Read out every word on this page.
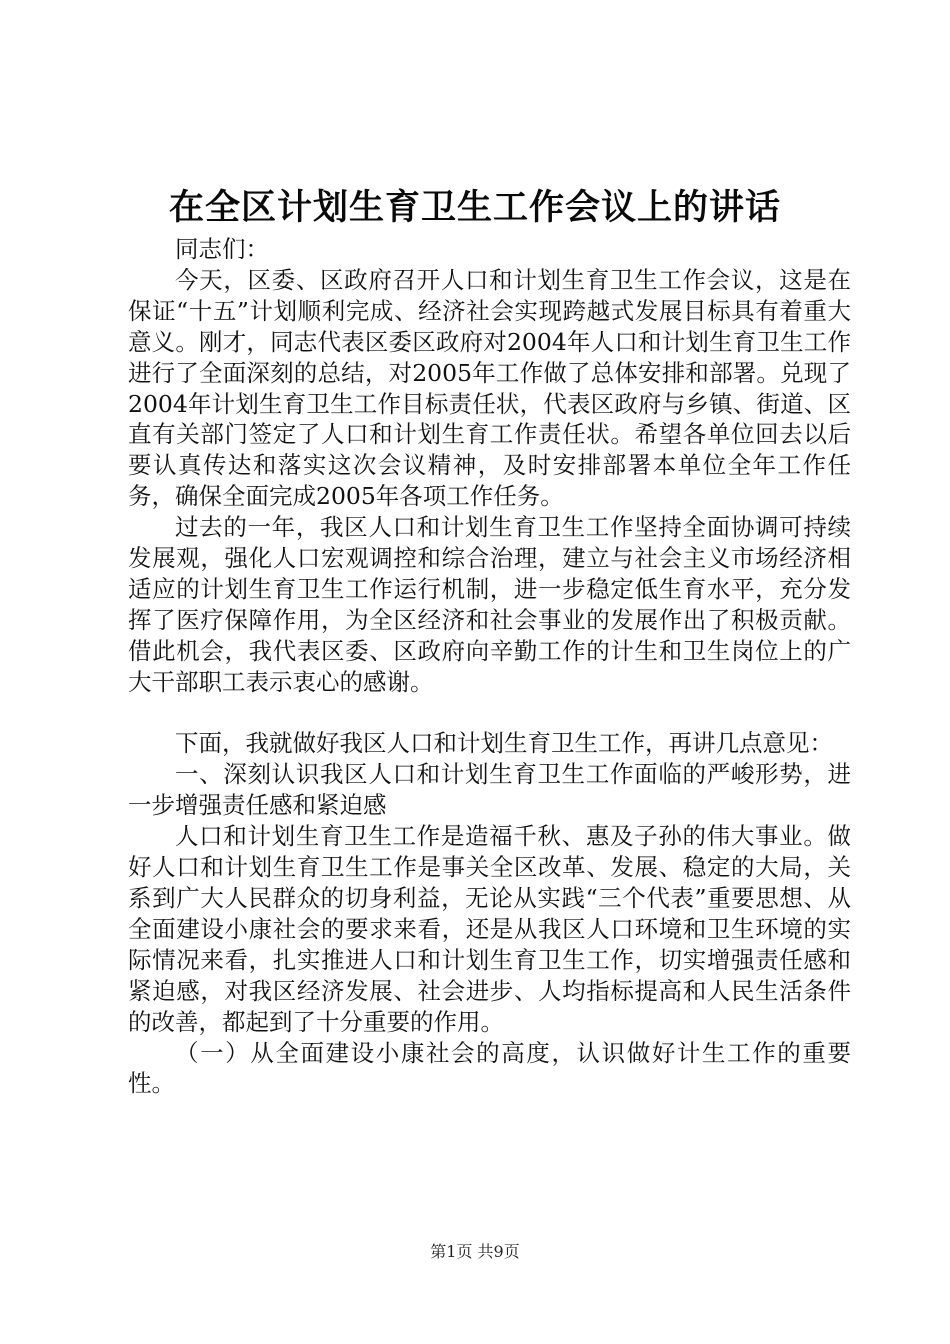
在全区计划生育卫生工作会议上的讲话

同志们：

今天，区委、区政府召开人口和计划生育卫生工作会议，这是在保证“十五”计划顺利完成、经济社会实现跨越式发展目标具有着重大意义。刚才，同志代表区委区政府对2004年人口和计划生育卫生工作进行了全面深刻的总结，对2005年工作做了总体安排和部署。兑现了2004年计划生育卫生工作目标责任状，代表区政府与乡镇、街道、区直有关部门签定了人口和计划生育工作责任状。希望各单位回去以后要认真传达和落实这次会议精神，及时安排部署本单位全年工作任务，确保全面完成2005年各项工作任务。

过去的一年，我区人口和计划生育卫生工作坚持全面协调可持续发展观，强化人口宏观调控和综合治理，建立与社会主义市场经济相适应的计划生育卫生工作运行机制，进一步稳定低生育水平，充分发挥了医疗保障作用，为全区经济和社会事业的发展作出了积极贡献。借此机会，我代表区委、区政府向辛勤工作的计生和卫生岗位上的广大干部职工表示衷心的感谢。

下面，我就做好我区人口和计划生育卫生工作，再讲几点意见：

一、深刻认识我区人口和计划生育卫生工作面临的严峻形势，进一步增强责任感和紧迫感

人口和计划生育卫生工作是造福千秋、惠及子孙的伟大事业。做好人口和计划生育卫生工作是事关全区改革、发展、稳定的大局，关系到广大人民群众的切身利益，无论从实践“三个代表”重要思想、从全面建设小康社会的要求来看，还是从我区人口环境和卫生环境的实际情况来看，扎实推进人口和计划生育卫生工作，切实增强责任感和紧迫感，对我区经济发展、社会进步、人均指标提高和人民生活条件的改善，都起到了十分重要的作用。

（一）从全面建设小康社会的高度，认识做好计生工作的重要性。

第1页 共9页
